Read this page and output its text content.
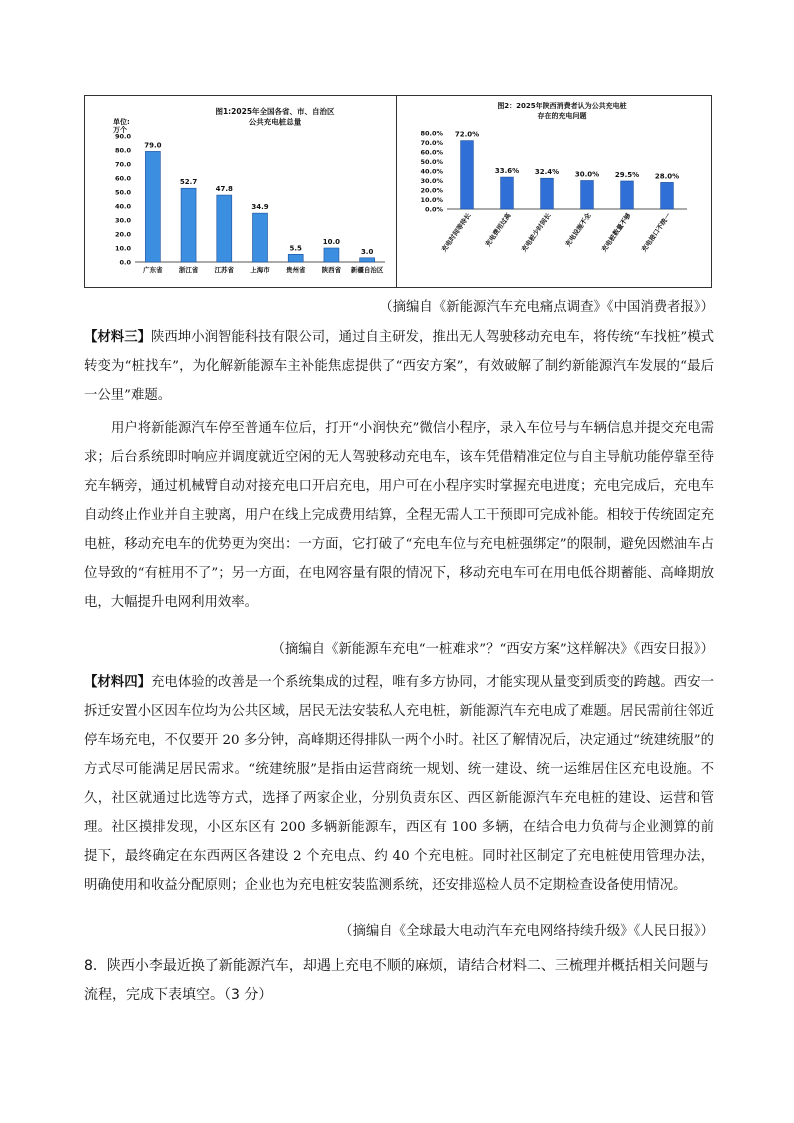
图1:2025年全国各省、市、自治区公共充电桩总量
单位:万个
0.0
10.0
20.0
30.0
40.0
50.0
60.0
70.0
80.0
90.0
79.0
广东省
52.7
浙江省
47.8
江苏省
34.9
上海市
5.5
贵州省
10.0
陕西省
3.0
新疆自治区
图2：2025年陕西消费者认为公共充电桩存在的充电问题
0.0%
10.0%
20.0%
30.0%
40.0%
50.0%
60.0%
70.0%
80.0% 72.0%
充电时间等待长
33.6%
充电费用过高
32.4%
充电桩少时间长
30.0%
充电设施不全
29.5%
充电桩数量不够
28.0%
充电接口不统一

（摘编自《新能源汽车充电痛点调查》《中国消费者报》）

【材料三】陕西坤小润智能科技有限公司，通过自主研发，推出无人驾驶移动充电车，将传统“车找桩”模式转变为“桩找车”，为化解新能源车主补能焦虑提供了“西安方案”，有效破解了制约新能源汽车发展的“最后一公里”难题。

用户将新能源汽车停至普通车位后，打开“小润快充”微信小程序，录入车位号与车辆信息并提交充电需求；后台系统即时响应并调度就近空闲的无人驾驶移动充电车，该车凭借精准定位与自主导航功能停靠至待充车辆旁，通过机械臂自动对接充电口开启充电，用户可在小程序实时掌握充电进度；充电完成后，充电车自动终止作业并自主驶离，用户在线上完成费用结算，全程无需人工干预即可完成补能。相较于传统固定充电桩，移动充电车的优势更为突出：一方面，它打破了“充电车位与充电桩强绑定”的限制，避免因燃油车占位导致的“有桩用不了”；另一方面，在电网容量有限的情况下，移动充电车可在用电低谷期蓄能、高峰期放电，大幅提升电网利用效率。

（摘编自《新能源车充电“一桩难求”？“西安方案”这样解决》《西安日报》）

【材料四】充电体验的改善是一个系统集成的过程，唯有多方协同，才能实现从量变到质变的跨越。西安一拆迁安置小区因车位均为公共区域，居民无法安装私人充电桩，新能源汽车充电成了难题。居民需前往邻近停车场充电，不仅要开 20 多分钟，高峰期还得排队一两个小时。社区了解情况后，决定通过“统建统服”的方式尽可能满足居民需求。“统建统服”是指由运营商统一规划、统一建设、统一运维居住区充电设施。不久，社区就通过比选等方式，选择了两家企业，分别负责东区、西区新能源汽车充电桩的建设、运营和管理。社区摸排发现，小区东区有 200 多辆新能源车，西区有 100 多辆，在结合电力负荷与企业测算的前提下，最终确定在东西两区各建设 2 个充电点、约 40 个充电桩。同时社区制定了充电桩使用管理办法，明确使用和收益分配原则；企业也为充电桩安装监测系统，还安排巡检人员不定期检查设备使用情况。

（摘编自《全球最大电动汽车充电网络持续升级》《人民日报》）

8．陕西小李最近换了新能源汽车，却遇上充电不顺的麻烦，请结合材料二、三梳理并概括相关问题与流程，完成下表填空。（3 分）
